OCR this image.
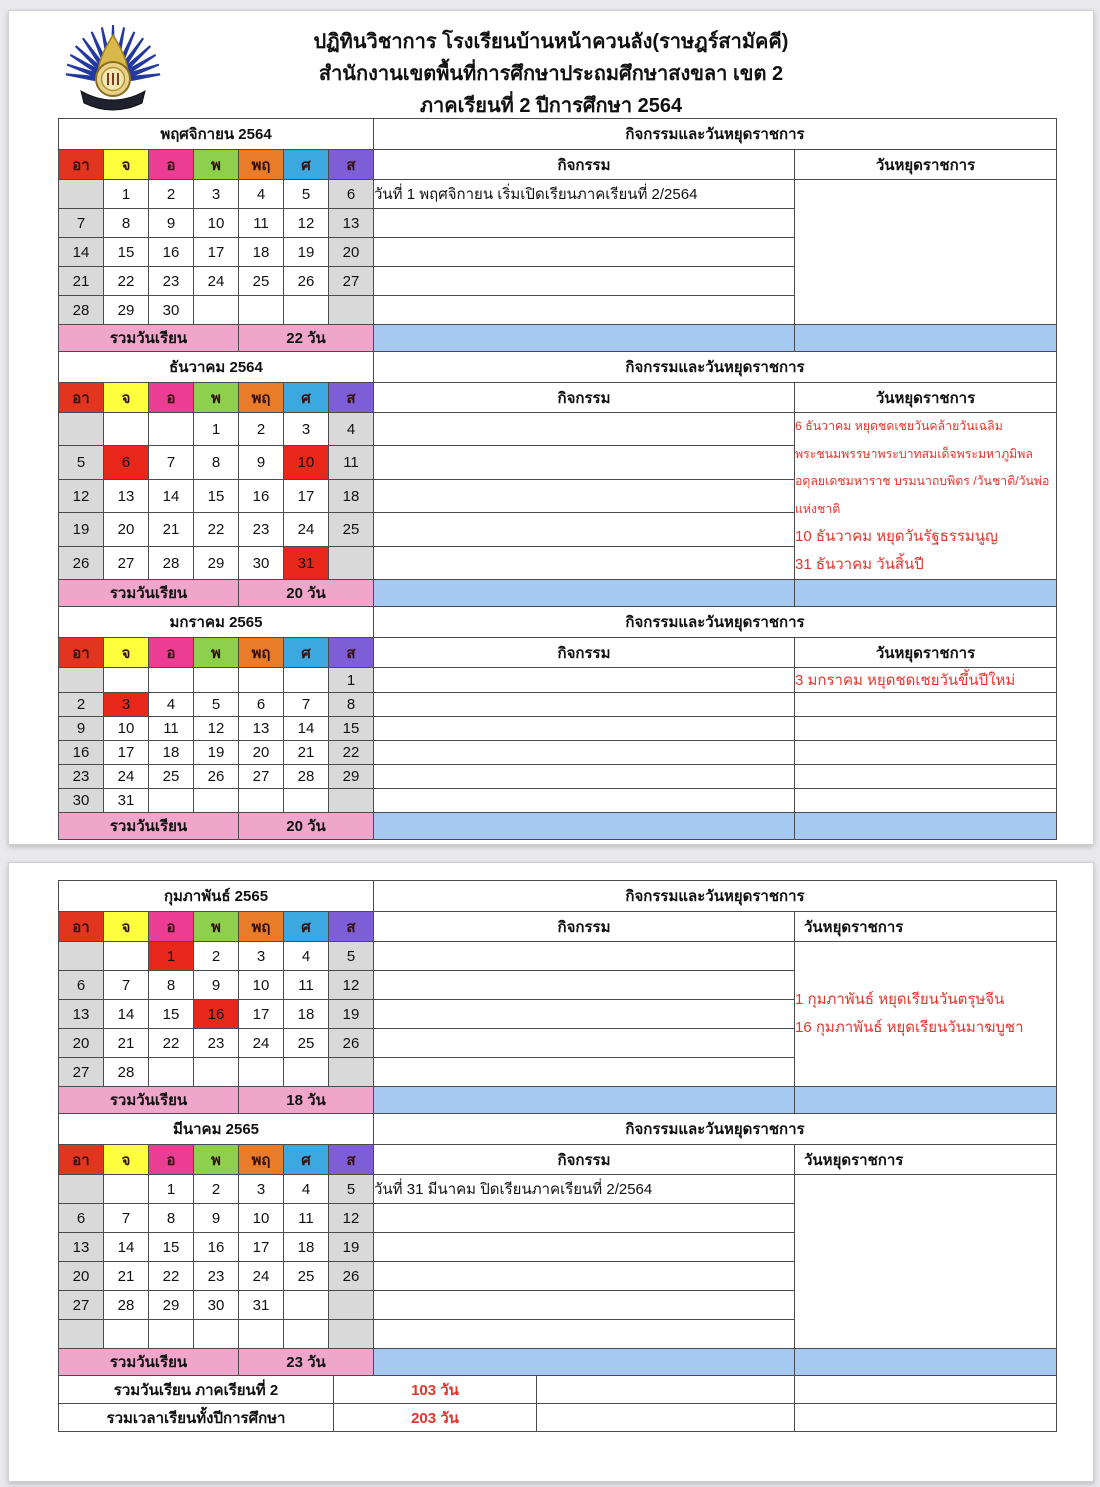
ปฏิทินวิชาการ โรงเรียนบ้านหน้าควนลัง(ราษฎร์สามัคคี)
สำนักงานเขตพื้นที่การศึกษาประถมศึกษาสงขลา เขต 2
ภาคเรียนที่ 2 ปีการศึกษา 2564
พฤศจิกายน 2564							กิจกรรมและวันหยุดราชการ	
อา	จ	อ	พ	พฤ	ศ	ส	กิจกรรม	วันหยุดราชการ
	1	2	3	4	5	6	วันที่ 1 พฤศจิกายน เริ่มเปิดเรียนภาคเรียนที่ 2/2564	
7	8	9	10	11	12	13		
14	15	16	17	18	19	20		
21	22	23	24	25	26	27		
28	29	30						
รวมวันเรียน				22 วัน				
ธันวาคม 2564							กิจกรรมและวันหยุดราชการ	
อา	จ	อ	พ	พฤ	ศ	ส	กิจกรรม	วันหยุดราชการ
			1	2	3	4		6 ธันวาคม หยุดชดเชยวันคล้ายวันเฉลิมพระชนมพรรษาพระบาทสมเด็จพระมหาภูมิพลอดุลยเดชมหาราช บรมนาถบพิตร /วันชาติ/วันพ่อแห่งชาติ
10 ธันวาคม หยุดวันรัฐธรรมนูญ
31 ธันวาคม วันสิ้นปี

5	6	7	8	9	10	11		
12	13	14	15	16	17	18		
19	20	21	22	23	24	25		
26	27	28	29	30	31			
รวมวันเรียน				20 วัน				
มกราคม 2565							กิจกรรมและวันหยุดราชการ	
อา	จ	อ	พ	พฤ	ศ	ส	กิจกรรม	วันหยุดราชการ
						1		3 มกราคม หยุดชดเชยวันขึ้นปีใหม่
2	3	4	5	6	7	8		
9	10	11	12	13	14	15		
16	17	18	19	20	21	22		
23	24	25	26	27	28	29		
30	31							
รวมวันเรียน				20 วัน				
กุมภาพันธ์ 2565							กิจกรรมและวันหยุดราชการ	
อา	จ	อ	พ	พฤ	ศ	ส	กิจกรรม	วันหยุดราชการ
		1	2	3	4	5		1 กุมภาพันธ์ หยุดเรียนวันตรุษจีน
16 กุมภาพันธ์ หยุดเรียนวันมาฆบูชา

6	7	8	9	10	11	12		
13	14	15	16	17	18	19		
20	21	22	23	24	25	26		
27	28							
รวมวันเรียน				18 วัน				
มีนาคม 2565							กิจกรรมและวันหยุดราชการ	
อา	จ	อ	พ	พฤ	ศ	ส	กิจกรรม	วันหยุดราชการ
		1	2	3	4	5	วันที่ 31 มีนาคม ปิดเรียนภาคเรียนที่ 2/2564	
6	7	8	9	10	11	12		
13	14	15	16	17	18	19		
20	21	22	23	24	25	26		
27	28	29	30	31				

รวมวันเรียน				23 วัน				
รวมวันเรียน ภาคเรียนที่ 2	103 วัน		
รวมเวลาเรียนทั้งปีการศึกษา	203 วัน		
